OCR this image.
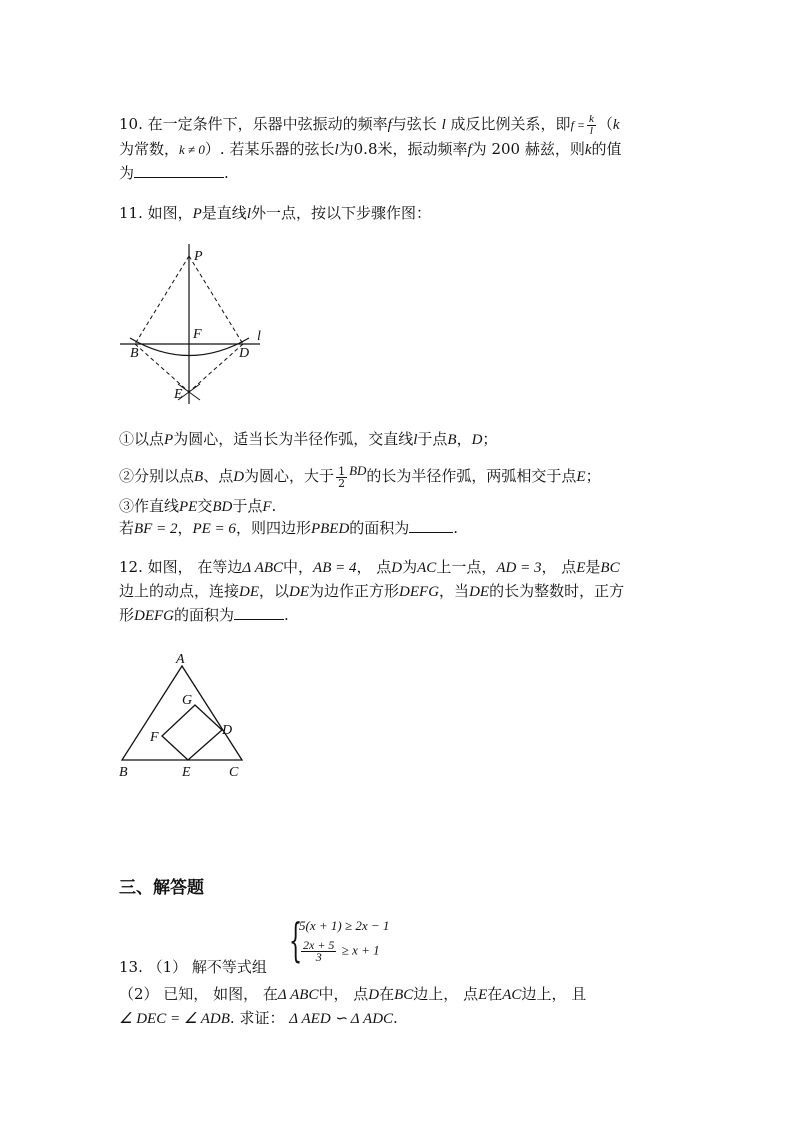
10. 在一定条件下，乐器中弦振动的频率f与弦长 l 成反比例关系，即$f = \frac{k}{l} (k$
为常数，k ≠ 0）. 若某乐器的弦长l为0.8米，振动频率f为 200 赫兹，则k的值
为	.
11. 如图，P是直线l外一点，按以下步骤作图：
P
F	l
B	D
E
①以点P为圆心，适当长为半径作弧，交直线l于点B，D；
②分别以点B、点D为圆心，大于 $\frac{1}{2}$ BD的长为半径作弧，两弧相交于点E；
③作直线PE交BD于点F.
若BF = 2，PE = 6，则四边形PBED的面积为	.
12. 如图， 在等边Δ ABC中，AB = 4， 点D为AC上一点，AD = 3， 点E是BC
边上的动点，连接DE，以DE为边作正方形DEFG，当DE的长为整数时，正方
形DEFG的面积为	.
A
G
D
F
B	E	C
三、解答题
{
5(x + 1) ≥ 2x − 1
$\frac{2x + 5}{3} \ge x + 1$
13. （1） 解不等式组
（2） 已知， 如图， 在Δ ABC中， 点D在BC边上， 点E在AC边上， 且
∠ DEC = ∠ ADB. 求证： Δ AED ∽ Δ ADC.
